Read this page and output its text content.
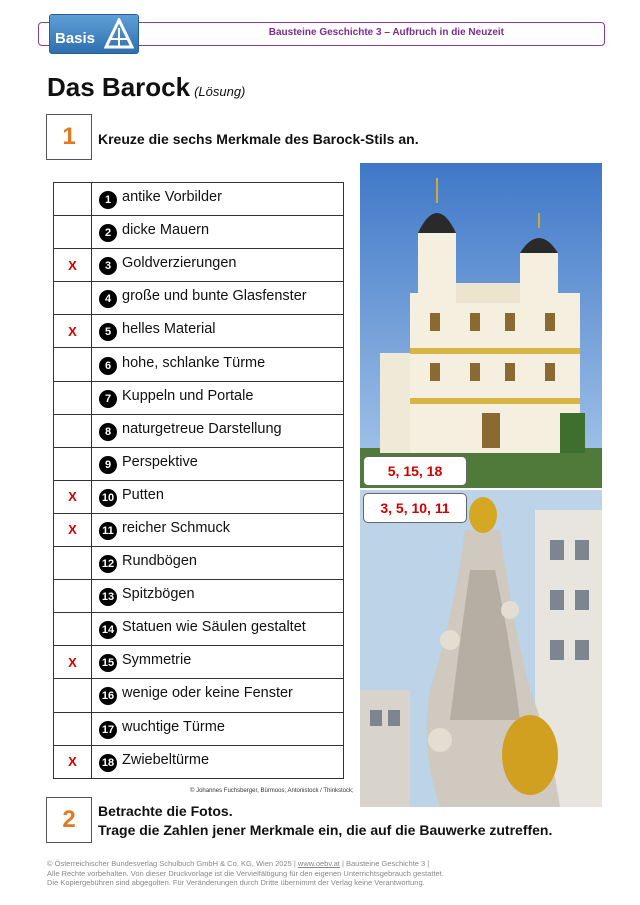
Bausteine Geschichte 3 – Aufbruch in die Neuzeit
Basis
Das Barock (Lösung)
1	Kreuze die sechs Merkmale des Barock-Stils an.
	1 antike Vorbilder
	2 dicke Mauern
X	3 Goldverzierungen
	4 große und bunte Glasfenster
X	5 helles Material
	6 hohe, schlanke Türme
	7 Kuppeln und Portale
	8 naturgetreue Darstellung
	9 Perspektive
X	10 Putten
X	11 reicher Schmuck
	12 Rundbögen
	13 Spitzbögen
	14 Statuen wie Säulen gestaltet
X	15 Symmetrie
	16 wenige oder keine Fenster
	17 wuchtige Türme
X	18 Zwiebeltürme
5, 15, 18
3, 5, 10, 11
© Johannes Fuchsberger, Bürmoos; Antonistock / Thinkstock;
2	Betrachte die Fotos.
Trage die Zahlen jener Merkmale ein, die auf die Bauwerke zutreffen.
© Österreichischer Bundesverlag Schulbuch GmbH & Co. KG, Wien 2025 | www.oebv.at | Bausteine Geschichte 3 |
Alle Rechte vorbehalten. Von dieser Druckvorlage ist die Vervielfältigung für den eigenen Unterrichtsgebrauch gestattet.
Die Kopiergebühren sind abgegolten. Für Veränderungen durch Dritte übernimmt der Verlag keine Verantwortung.
